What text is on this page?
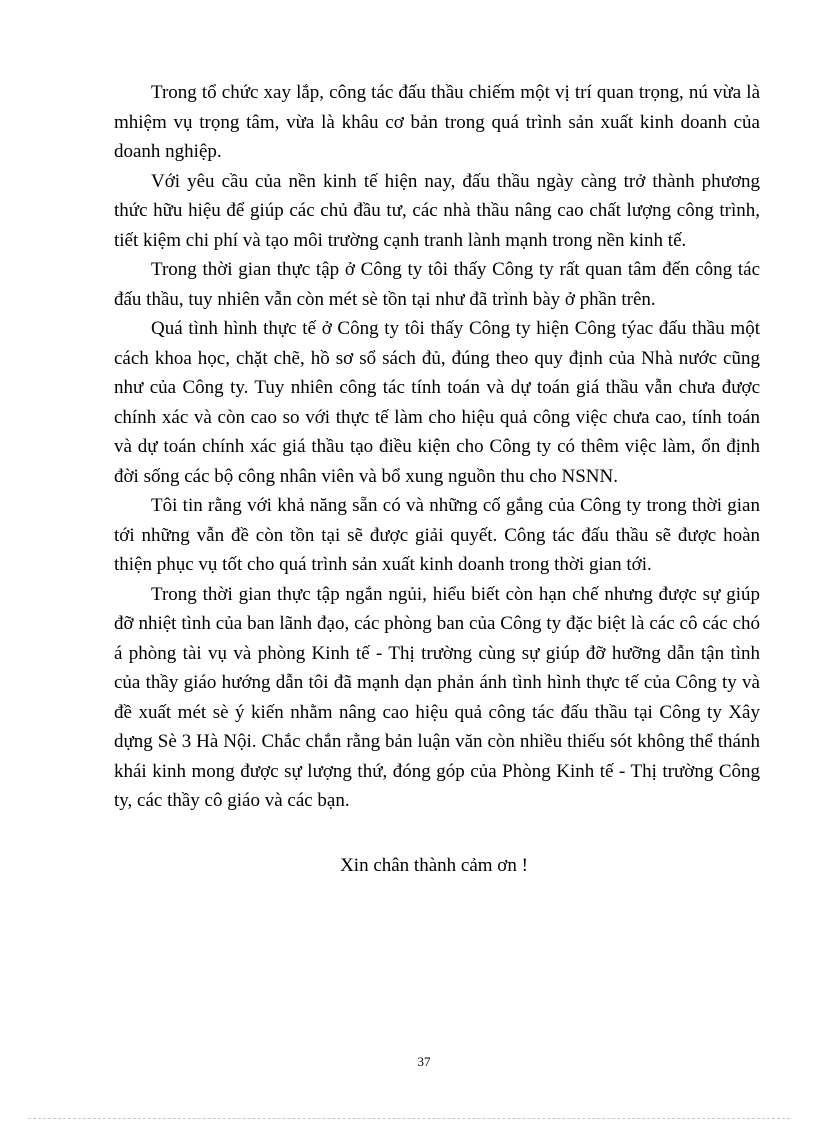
Trong tổ chức xay lắp, công tác đấu thầu chiếm một vị trí quan trọng, nú vừa là mhiệm vụ trọng tâm, vừa là khâu cơ bản trong quá trình sản xuất kinh doanh của doanh nghiệp.

Với yêu cầu của nền kinh tế hiện nay, đấu thầu ngày càng trở thành phương thức hữu hiệu để giúp các chủ đầu tư, các nhà thầu nâng cao chất lượng công trình, tiết kiệm chi phí và tạo môi trường cạnh tranh lành mạnh trong nền kinh tế.

Trong thời gian thực tập ở Công ty tôi thấy Công ty rất quan tâm đến công tác đấu thầu, tuy nhiên vẫn còn mét sè tồn tại như đã trình bày ở phần trên.

Quá tình hình thực tế ở Công ty tôi thấy Công ty hiện Công týac đấu thầu một cách khoa học, chặt chẽ, hồ sơ sổ sách đủ, đúng theo quy định của Nhà nước cũng như của Công ty. Tuy nhiên công tác tính toán và dự toán giá thầu vẫn chưa được chính xác và còn cao so với thực tế làm cho hiệu quả công việc chưa cao, tính toán và dự toán chính xác giá thầu tạo điều kiện cho Công ty có thêm việc làm, ổn định đời sống các bộ công nhân viên và bổ xung nguồn thu cho NSNN.

Tôi tin rằng với khả năng sẵn có và những cố gắng của Công ty trong thời gian tới những vẫn đề còn tồn tại sẽ được giải quyết. Công tác đấu thầu sẽ được hoàn thiện phục vụ tốt cho quá trình sản xuất kinh doanh trong thời gian tới.

Trong thời gian thực tập ngắn ngủi, hiểu biết còn hạn chế nhưng được sự giúp đỡ nhiệt tình của ban lãnh đạo, các phòng ban của Công ty đặc biệt là các cô các chó á phòng tài vụ và phòng Kinh tế - Thị trường cùng sự giúp đỡ hưỡng dẫn tận tình của thầy giáo hướng dẫn tôi đã mạnh dạn phản ánh tình hình thực tế của Công ty và đề xuất mét sè ý kiến nhằm nâng cao hiệu quả công tác đấu thầu tại Công ty Xây dựng Sè 3 Hà Nội. Chắc chắn rằng bản luận văn còn nhiều thiếu sót không thể thánh khái kinh mong được sự lượng thứ, đóng góp của Phòng Kinh tế - Thị trường Công ty, các thầy cô giáo và các bạn.

Xin chân thành cảm ơn !
37
